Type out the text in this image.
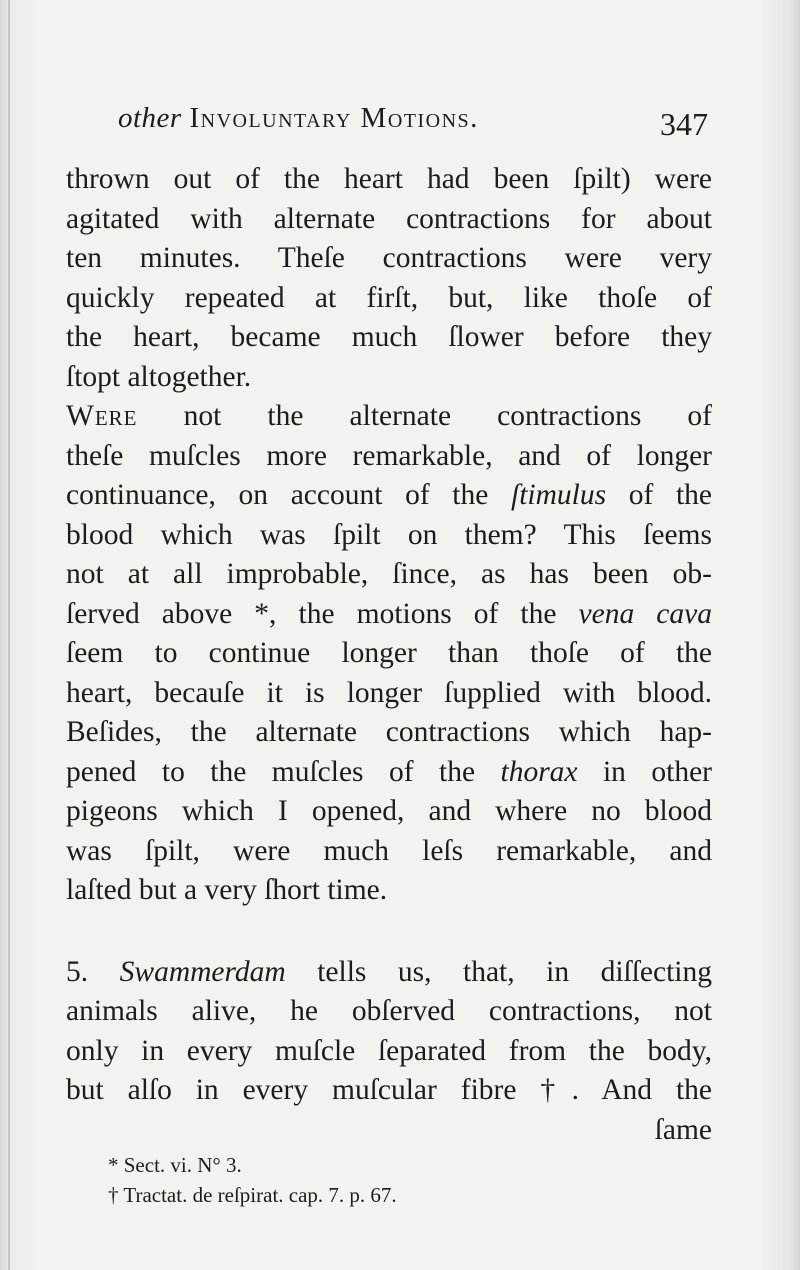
other Involuntary Motions.	347
thrown out of the heart had been ſpilt) were
agitated with alternate contractions for about
ten minutes. Theſe contractions were very
quickly repeated at firſt, but, like thoſe of
the heart, became much ſlower before they
ſtopt altogether.
Were not the alternate contractions of
theſe muſcles more remarkable, and of longer
continuance, on account of the ſtimulus of the
blood which was ſpilt on them? This ſeems
not at all improbable, ſince, as has been ob-
ſerved above *, the motions of the vena cava
ſeem to continue longer than thoſe of the
heart, becauſe it is longer ſupplied with blood.
Beſides, the alternate contractions which hap-
pened to the muſcles of the thorax in other
pigeons which I opened, and where no blood
was ſpilt, were much leſs remarkable, and
laſted but a very ſhort time.
5. Swammerdam tells us, that, in diſſecting
animals alive, he obſerved contractions, not
only in every muſcle ſeparated from the body,
but alſo in every muſcular fibre †. And the
ſame
* Sect. vi. N° 3.
† Tractat. de reſpirat. cap. 7. p. 67.
